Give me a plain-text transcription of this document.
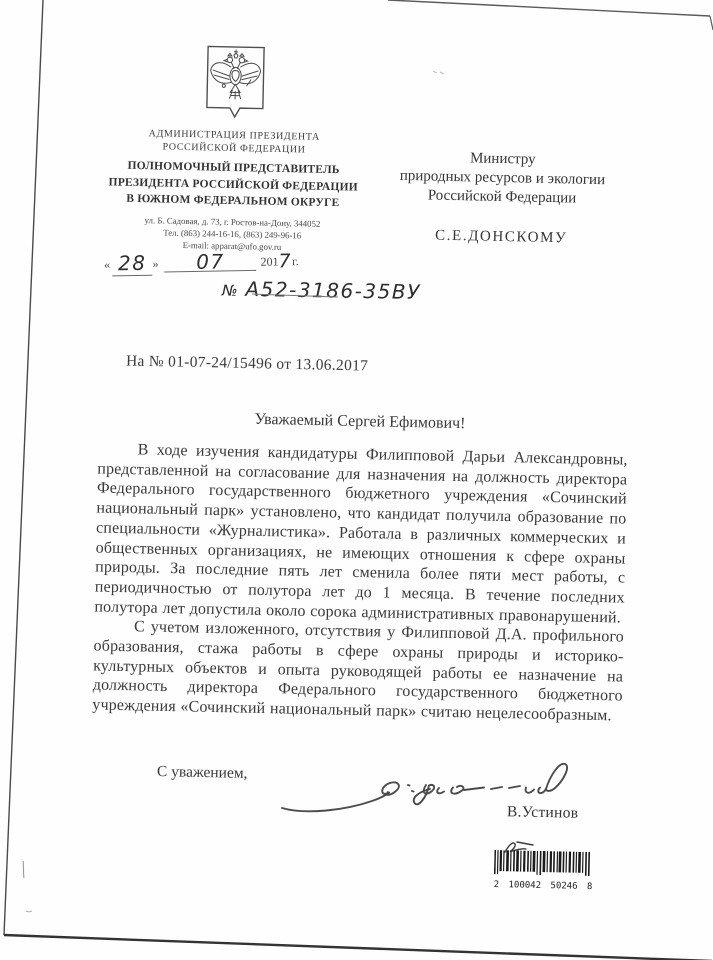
АДМИНИСТРАЦИЯ ПРЕЗИДЕНТА
РОССИЙСКОЙ ФЕДЕРАЦИИ
ПОЛНОМОЧНЫЙ ПРЕДСТАВИТЕЛЬ
ПРЕЗИДЕНТА РОССИЙСКОЙ ФЕДЕРАЦИИ
В ЮЖНОМ ФЕДЕРАЛЬНОМ ОКРУГЕ
ул. Б. Садовая, д. 73, г. Ростов-на-Дону, 344052
Тел. (863) 244-16-16, (863) 249-96-16
E-mail: apparat@ufo.gov.ru
« 28 »	07	201 7 г.
№ А52-3186-35ВУ
Министру
природных ресурсов и экологии
Российской Федерации
С.Е.ДОНСКОМУ
На № 01-07-24/15496 от 13.06.2017
Уважаемый Сергей Ефимович!

В ходе изучения кандидатуры Филипповой Дарьи Александровны, представленной на согласование для назначения на должность директора Федерального государственного бюджетного учреждения «Сочинский национальный парк» установлено, что кандидат получила образование по специальности «Журналистика». Работала в различных коммерческих и общественных организациях, не имеющих отношения к сфере охраны природы. За последние пять лет сменила более пяти мест работы, с периодичностью от полутора лет до 1 месяца. В течение последних полутора лет допустила около сорока административных правонарушений.

С учетом изложенного, отсутствия у Филипповой Д.А. профильного образования, стажа работы в сфере охраны природы и историко-культурных объектов и опыта руководящей работы ее назначение на должность директора Федерального государственного бюджетного учреждения «Сочинский национальный парк» считаю нецелесообразным.

С уважением,
В.Устинов
2 100042 50246 8
